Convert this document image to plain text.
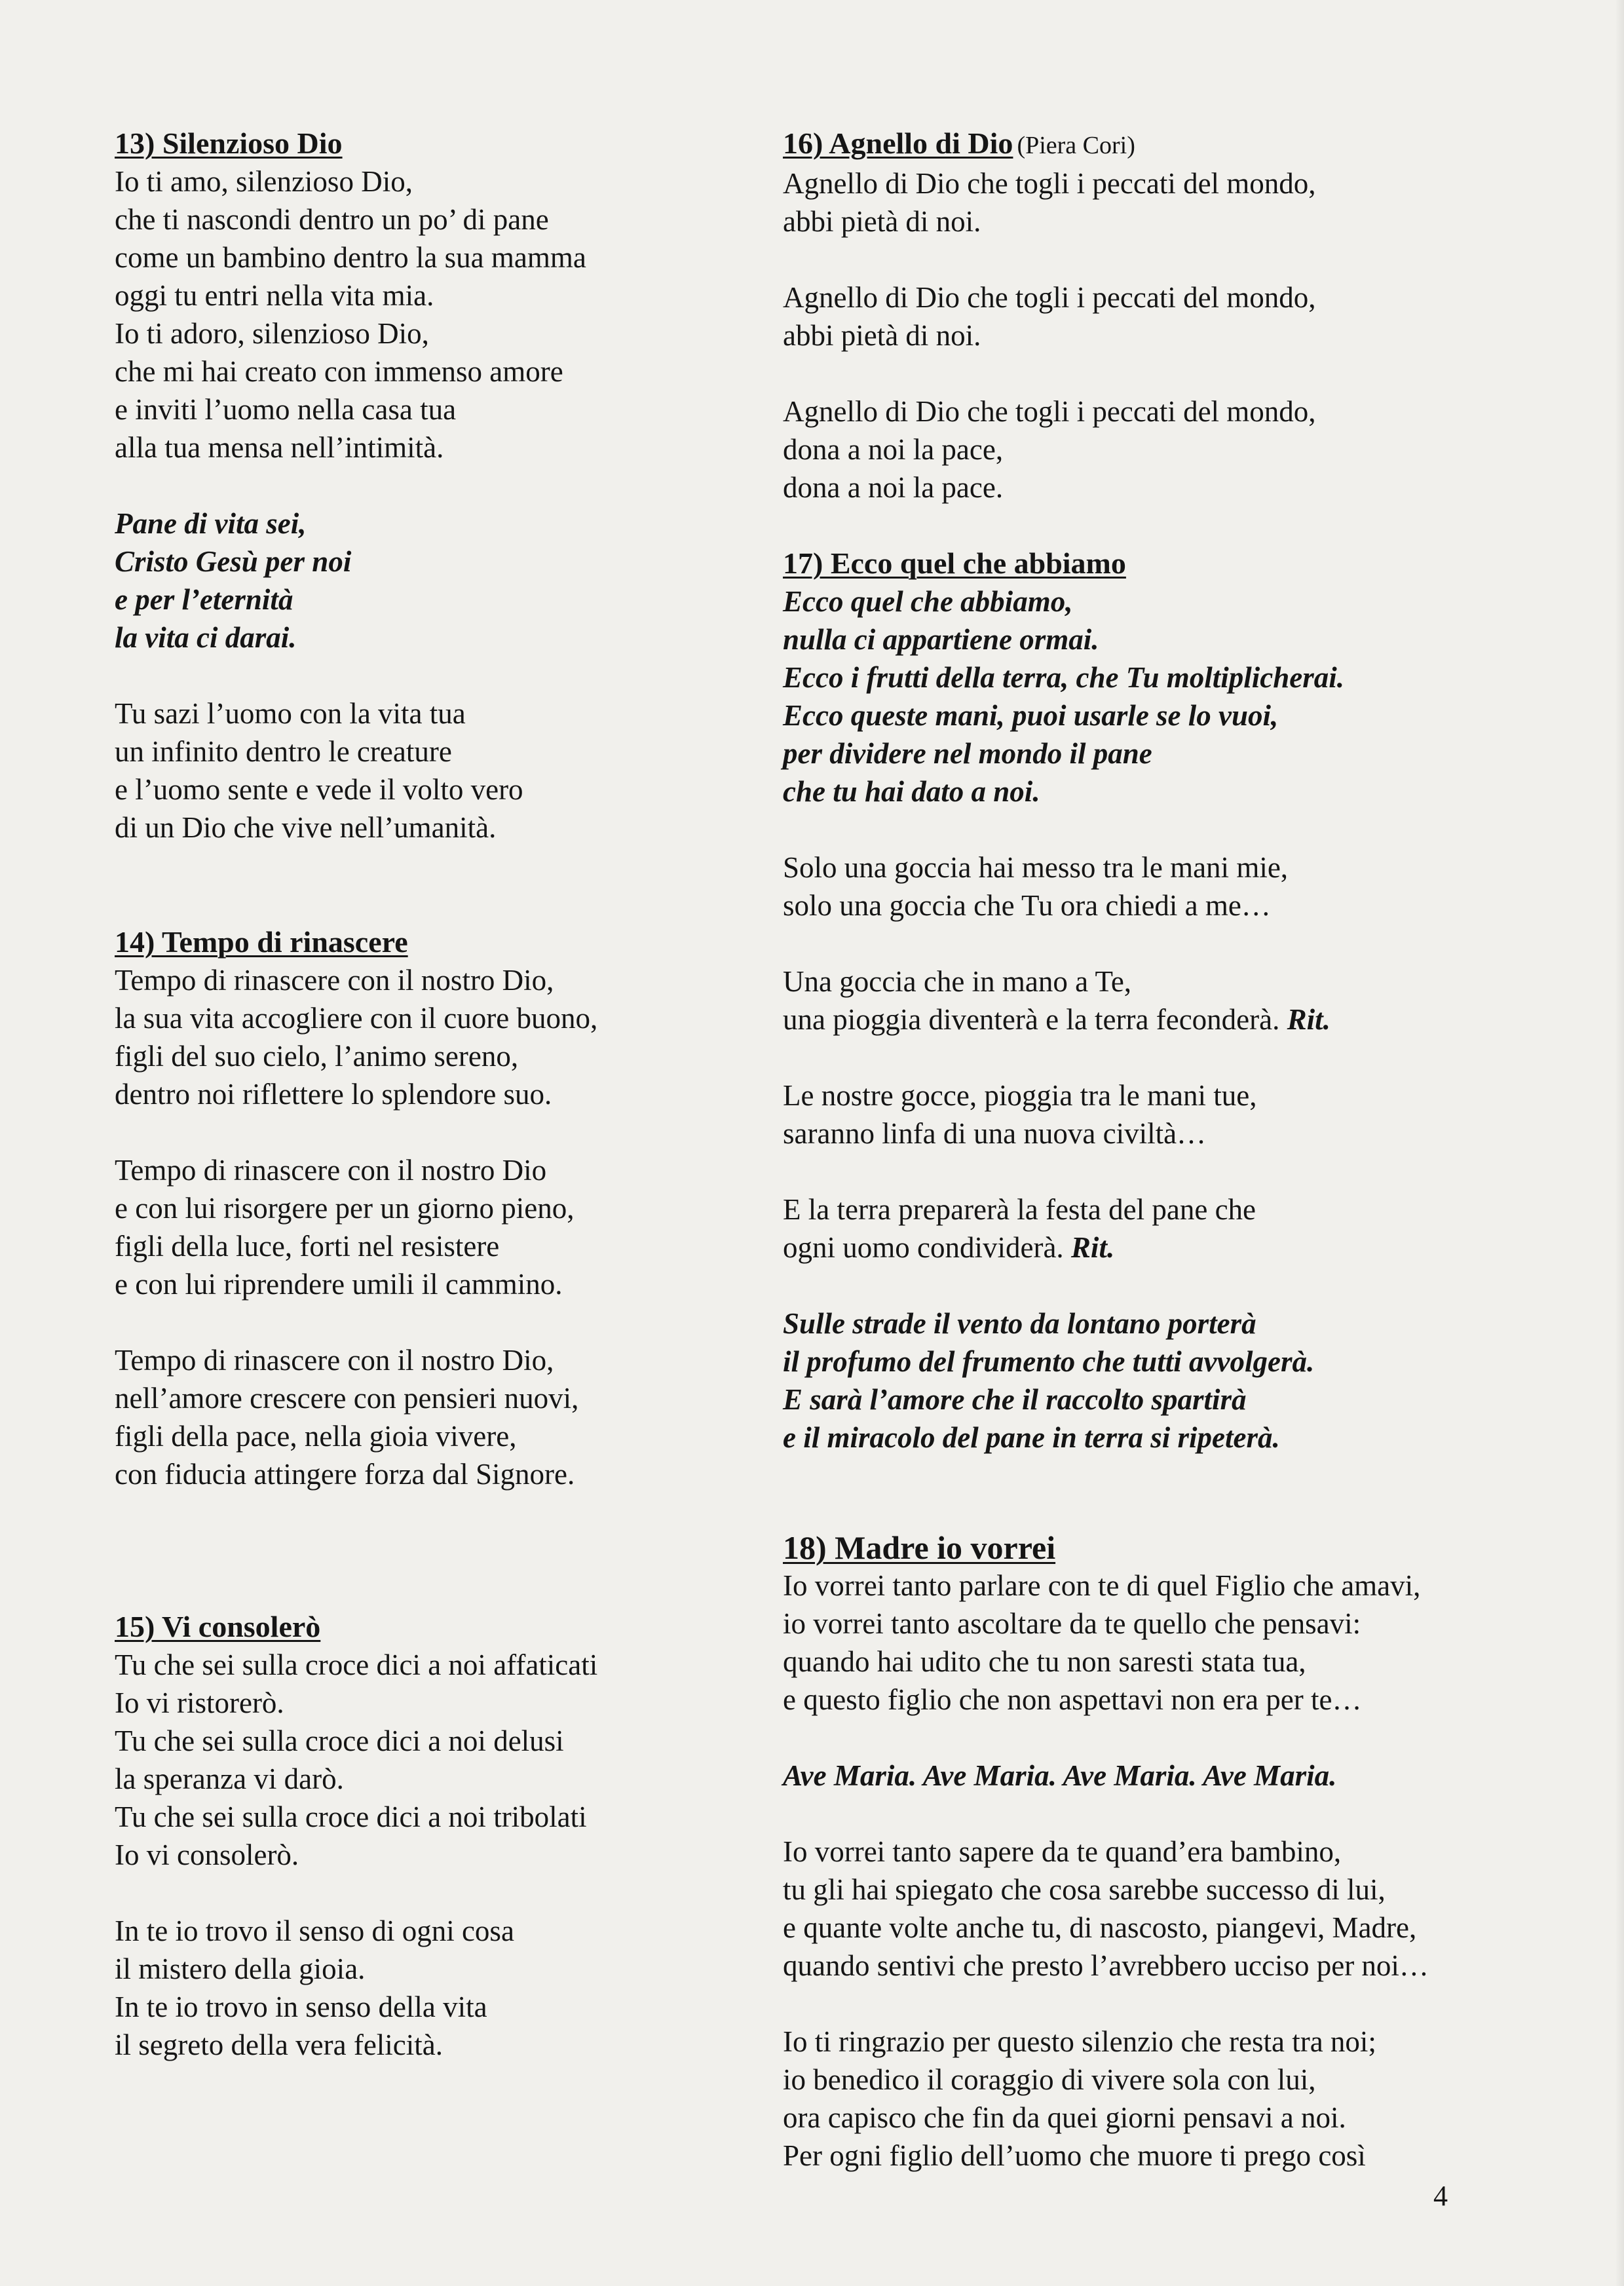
13) Silenzioso Dio
Io ti amo, silenzioso Dio,
che ti nascondi dentro un po’ di pane
come un bambino dentro la sua mamma
oggi tu entri nella vita mia.
Io ti adoro, silenzioso Dio,
che mi hai creato con immenso amore
e inviti l’uomo nella casa tua
alla tua mensa nell’intimità.
Pane di vita sei,
Cristo Gesù per noi
e per l’eternità
la vita ci darai.
Tu sazi l’uomo con la vita tua
un infinito dentro le creature
e l’uomo sente e vede il volto vero
di un Dio che vive nell’umanità.
14) Tempo di rinascere
Tempo di rinascere con il nostro Dio,
la sua vita accogliere con il cuore buono,
figli del suo cielo, l’animo sereno,
dentro noi riflettere lo splendore suo.
Tempo di rinascere con il nostro Dio
e con lui risorgere per un giorno pieno,
figli della luce, forti nel resistere
e con lui riprendere umili il cammino.
Tempo di rinascere con il nostro Dio,
nell’amore crescere con pensieri nuovi,
figli della pace, nella gioia vivere,
con fiducia attingere forza dal Signore.
15) Vi consolerò
Tu che sei sulla croce dici a noi affaticati
Io vi ristorerò.
Tu che sei sulla croce dici a noi delusi
la speranza vi darò.
Tu che sei sulla croce dici a noi tribolati
Io vi consolerò.
In te io trovo il senso di ogni cosa
il mistero della gioia.
In te io trovo in senso della vita
il segreto della vera felicità.
16) Agnello di Dio (Piera Cori)
Agnello di Dio che togli i peccati del mondo,
abbi pietà di noi.
Agnello di Dio che togli i peccati del mondo,
abbi pietà di noi.
Agnello di Dio che togli i peccati del mondo,
dona a noi la pace,
dona a noi la pace.
17) Ecco quel che abbiamo
Ecco quel che abbiamo,
nulla ci appartiene ormai.
Ecco i frutti della terra, che Tu moltiplicherai.
Ecco queste mani, puoi usarle se lo vuoi,
per dividere nel mondo il pane
che tu hai dato a noi.
Solo una goccia hai messo tra le mani mie,
solo una goccia che Tu ora chiedi a me…
Una goccia che in mano a Te,
una pioggia diventerà e la terra feconderà. Rit.
Le nostre gocce, pioggia tra le mani tue,
saranno linfa di una nuova civiltà…
E la terra preparerà la festa del pane che
ogni uomo condividerà. Rit.
Sulle strade il vento da lontano porterà
il profumo del frumento che tutti avvolgerà.
E sarà l’amore che il raccolto spartirà
e il miracolo del pane in terra si ripeterà.
18) Madre io vorrei
Io vorrei tanto parlare con te di quel Figlio che amavi,
io vorrei tanto ascoltare da te quello che pensavi:
quando hai udito che tu non saresti stata tua,
e questo figlio che non aspettavi non era per te…
Ave Maria. Ave Maria. Ave Maria. Ave Maria.
Io vorrei tanto sapere da te quand’era bambino,
tu gli hai spiegato che cosa sarebbe successo di lui,
e quante volte anche tu, di nascosto, piangevi, Madre,
quando sentivi che presto l’avrebbero ucciso per noi…
Io ti ringrazio per questo silenzio che resta tra noi;
io benedico il coraggio di vivere sola con lui,
ora capisco che fin da quei giorni pensavi a noi.
Per ogni figlio dell’uomo che muore ti prego così
4
